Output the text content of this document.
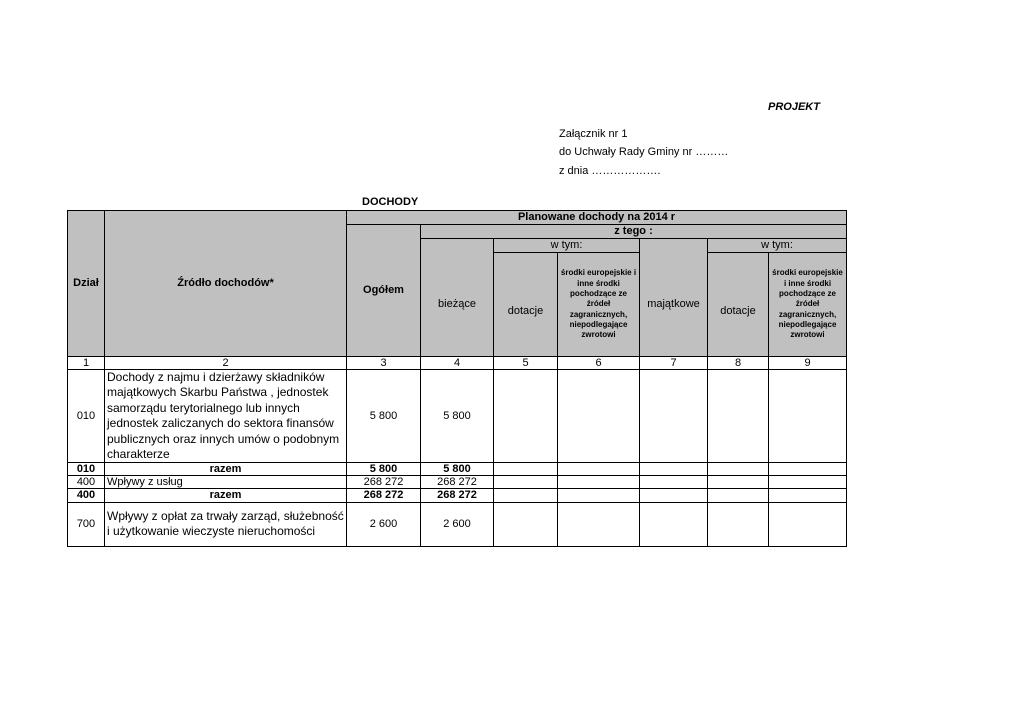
PROJEKT
Załącznik nr 1
do Uchwały Rady Gminy nr ………
z dnia ……………….
DOCHODY
Dział	Źródło dochodów*	Planowane dochody na 2014 r						
		Ogółem	z tego :					
			bieżące	w tym:		majątkowe	w tym:	
				dotacje	środki europejskie i inne środki pochodzące ze źródeł zagranicznych, niepodlegające zwrotowi		dotacje	środki europejskie i inne środki pochodzące ze źródeł zagranicznych, niepodlegające zwrotowi
1	2	3	4	5	6	7	8	9
010	Dochody z najmu i dzierżawy składników majątkowych Skarbu Państwa , jednostek samorządu terytorialnego lub innych jednostek zaliczanych do sektora finansów publicznych oraz innych umów o podobnym charakterze	5 800	5 800					
010	razem	5 800	5 800					
400	Wpływy z usług	268 272	268 272					
400	razem	268 272	268 272					
700	Wpływy z opłat za trwały zarząd, służebność i użytkowanie wieczyste nieruchomości	2 600	2 600					
